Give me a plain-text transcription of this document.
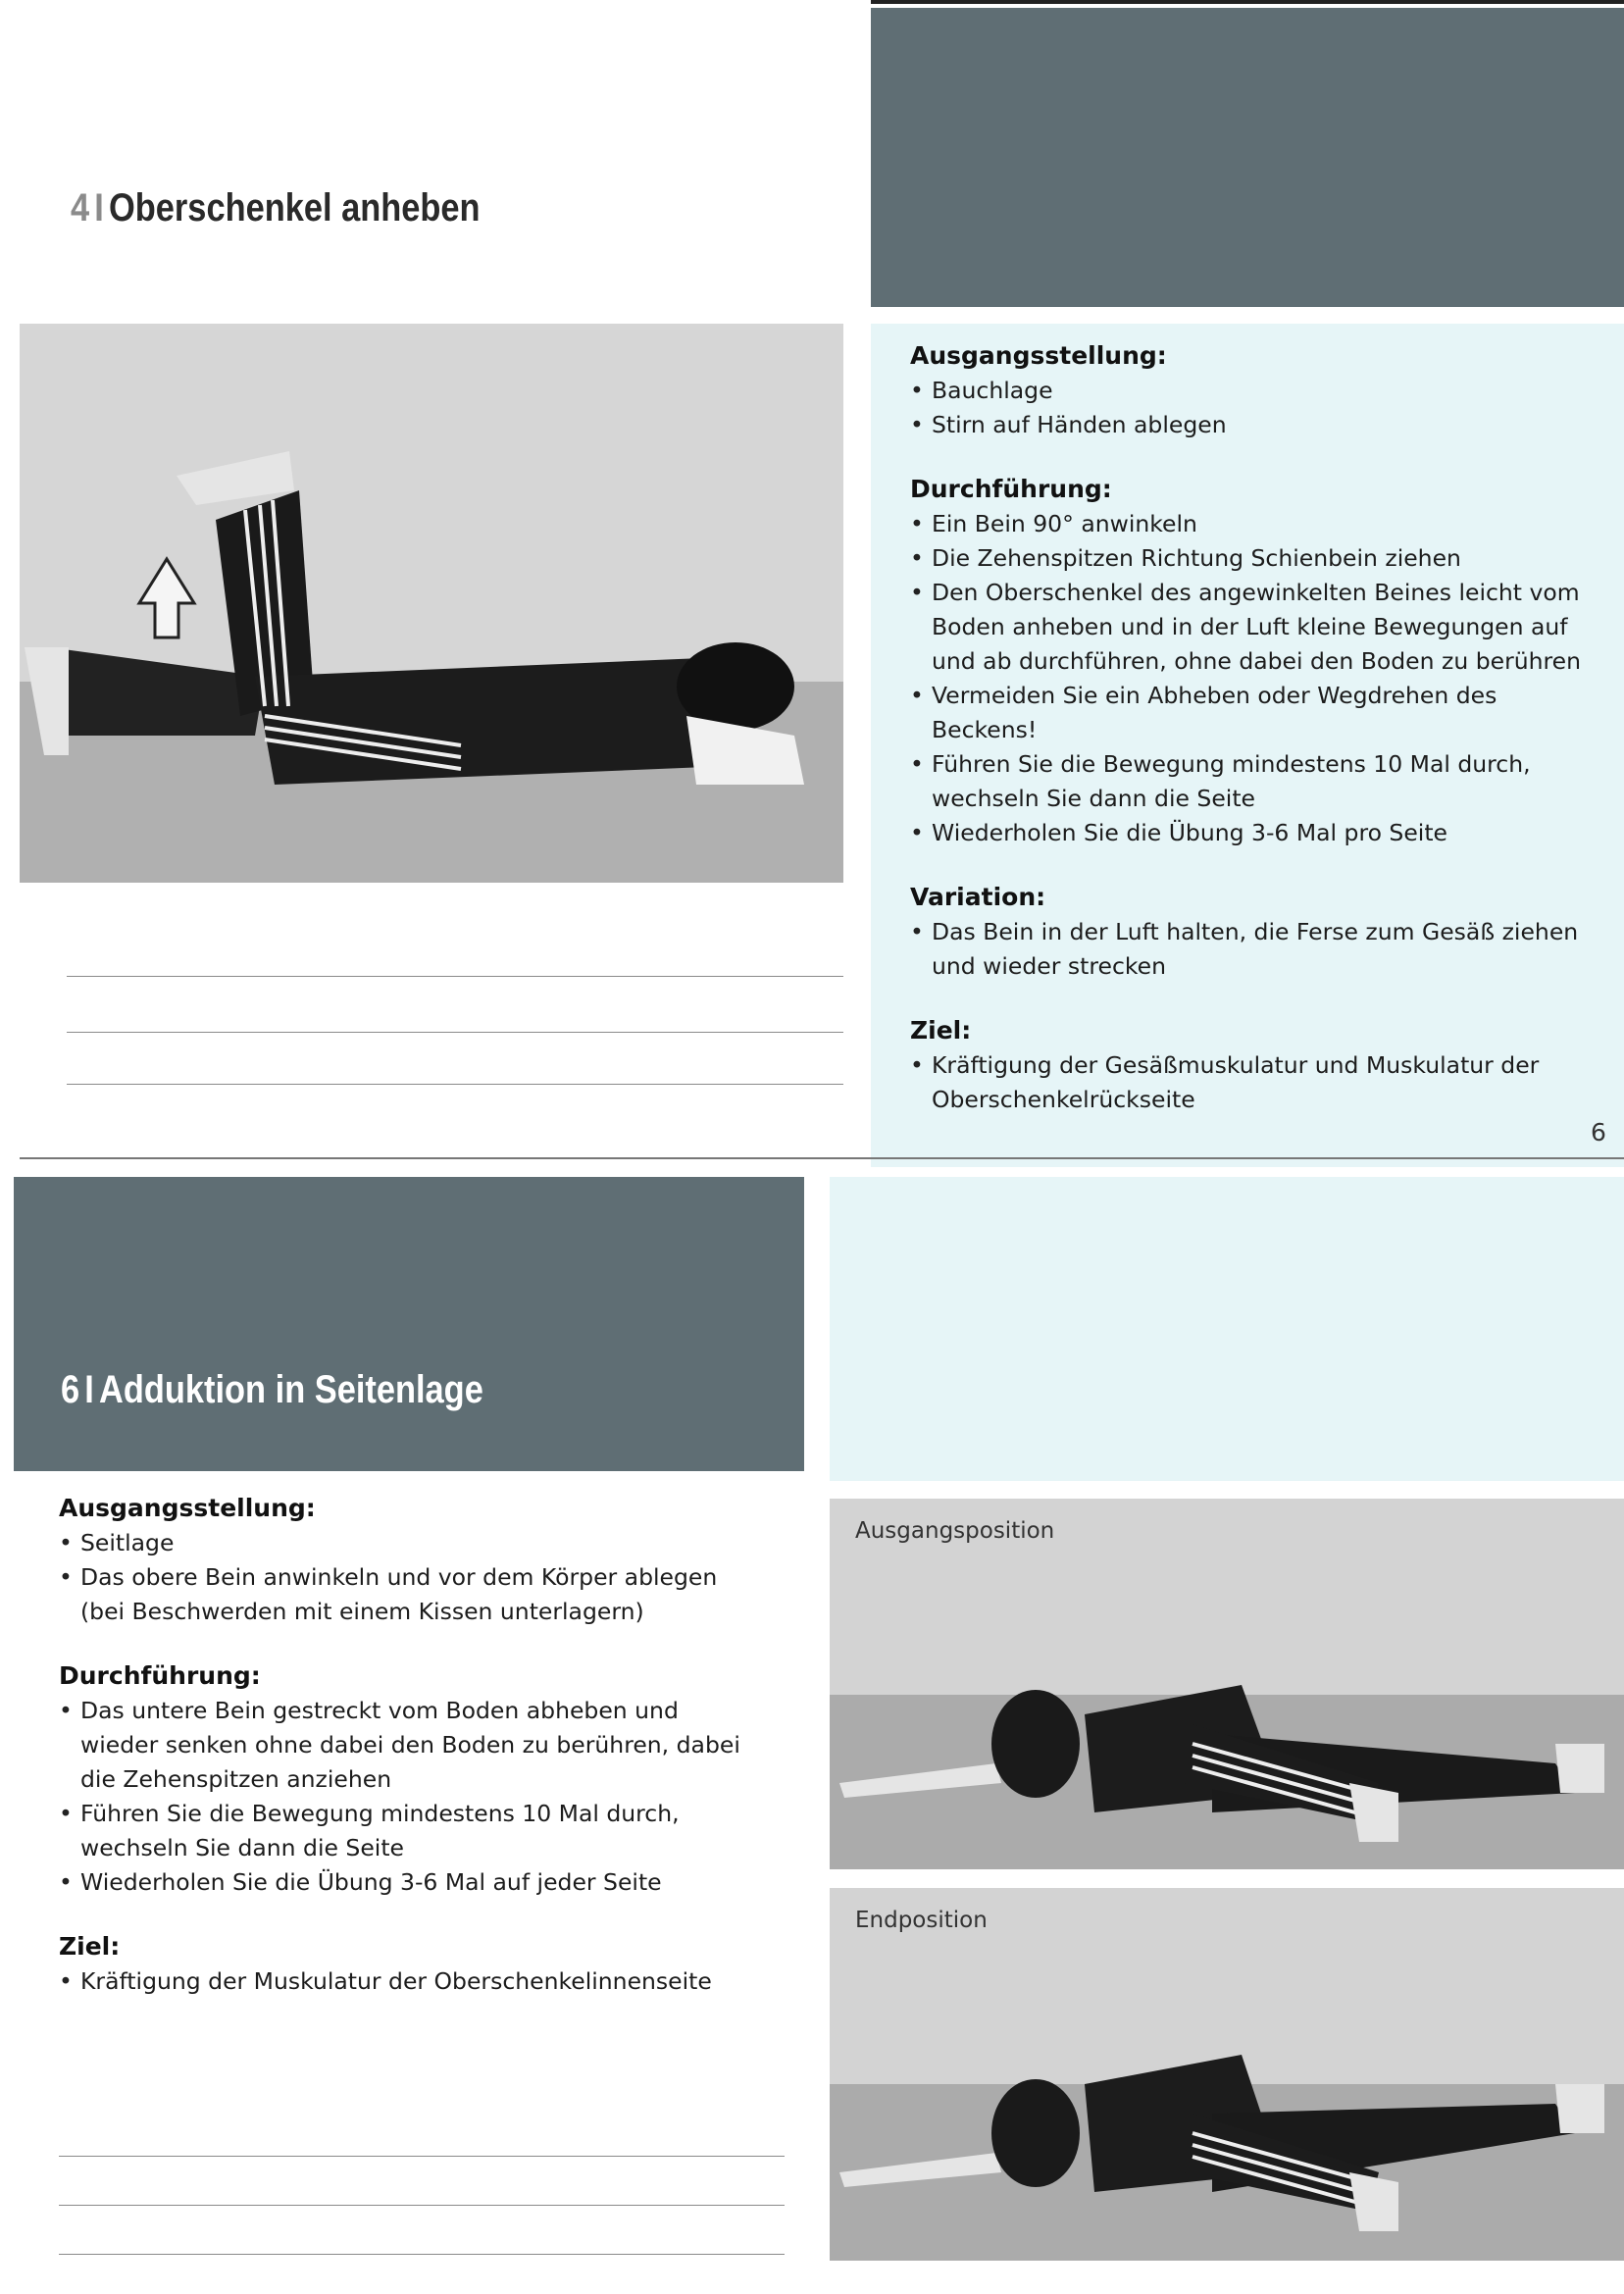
4 I Oberschenkel anheben
Ausgangsstellung:
• Bauchlage
• Stirn auf Händen ablegen
Durchführung:
• Ein Bein 90° anwinkeln
• Die Zehenspitzen Richtung Schienbein ziehen
• Den Oberschenkel des angewinkelten Beines leicht vom Boden anheben und in der Luft kleine Bewegungen auf und ab durchführen, ohne dabei den Boden zu berühren
• Vermeiden Sie ein Abheben oder Wegdrehen des Beckens!
• Führen Sie die Bewegung mindestens 10 Mal durch, wechseln Sie dann die Seite
• Wiederholen Sie die Übung 3-6 Mal pro Seite
Variation:
• Das Bein in der Luft halten, die Ferse zum Gesäß ziehen und wieder strecken
Ziel:
• Kräftigung der Gesäßmuskulatur und Muskulatur der Oberschenkelrückseite
6
6 I Adduktion in Seitenlage
Ausgangsstellung:
• Seitlage
• Das obere Bein anwinkeln und vor dem Körper ablegen (bei Beschwerden mit einem Kissen unterlagern)
Durchführung:
• Das untere Bein gestreckt vom Boden abheben und wieder senken ohne dabei den Boden zu berühren, dabei die Zehenspitzen anziehen
• Führen Sie die Bewegung mindestens 10 Mal durch, wechseln Sie dann die Seite
• Wiederholen Sie die Übung 3-6 Mal auf jeder Seite
Ziel:
• Kräftigung der Muskulatur der Oberschenkelinnenseite
Ausgangsposition
Endposition
